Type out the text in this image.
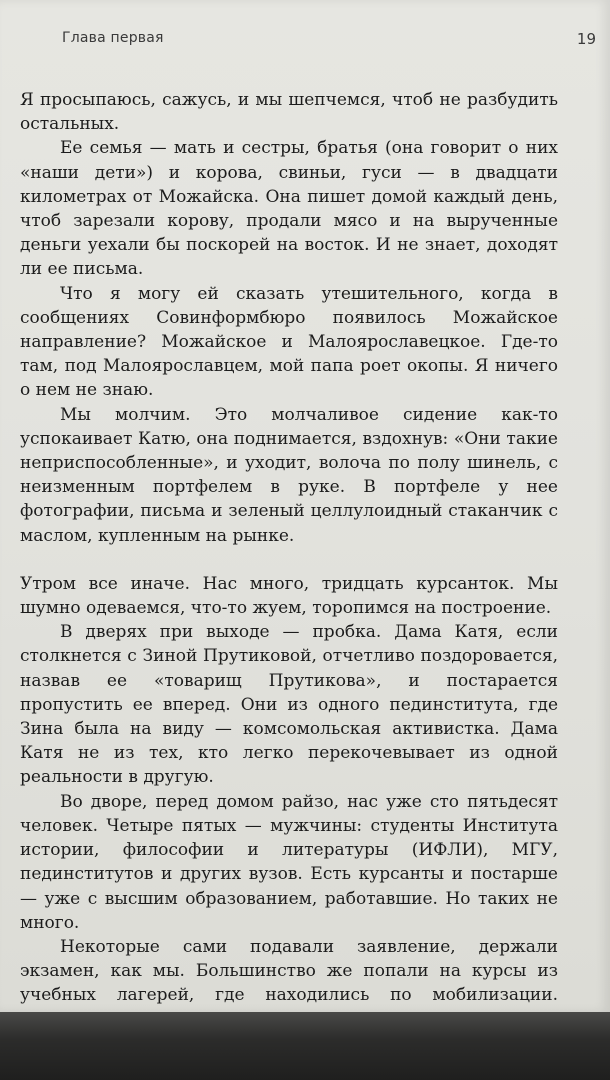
Глава первая	19

Я просыпаюсь, сажусь, и мы шепчемся, чтоб не разбудить остальных.

Ее семья — мать и сестры, братья (она говорит о них «наши дети») и корова, свиньи, гуси — в двадцати километрах от Можайска. Она пишет домой каждый день, чтоб зарезали корову, продали мясо и на вырученные деньги уехали бы поскорей на восток. И не знает, доходят ли ее письма.

Что я могу ей сказать утешительного, когда в сообщениях Совинформбюро появилось Можайское направление? Можайское и Малоярославецкое. Где-то там, под Малоярославцем, мой папа роет окопы. Я ничего о нем не знаю.

Мы молчим. Это молчаливое сидение как-то успокаивает Катю, она поднимается, вздохнув: «Они такие неприспособленные», и уходит, волоча по полу шинель, с неизменным портфелем в руке. В портфеле у нее фотографии, письма и зеленый целлулоидный стаканчик с маслом, купленным на рынке.

Утром все иначе. Нас много, тридцать курсанток. Мы шумно одеваемся, что-то жуем, торопимся на построение.

В дверях при выходе — пробка. Дама Катя, если столкнется с Зиной Прутиковой, отчетливо поздоровается, назвав ее «товарищ Прутикова», и постарается пропустить ее вперед. Они из одного пединститута, где Зина была на виду — комсомольская активистка. Дама Катя не из тех, кто легко перекочевывает из одной реальности в другую.

Во дворе, перед домом райзо, нас уже сто пятьдесят человек. Четыре пятых — мужчины: студенты Института истории, философии и литературы (ИФЛИ), МГУ, пединститутов и других вузов. Есть курсанты и постарше — уже с высшим образованием, работавшие. Но таких не много.

Некоторые сами подавали заявление, держали экзамен, как мы. Большинство же попали на курсы из учебных лагерей, где находились по мобилизации.
